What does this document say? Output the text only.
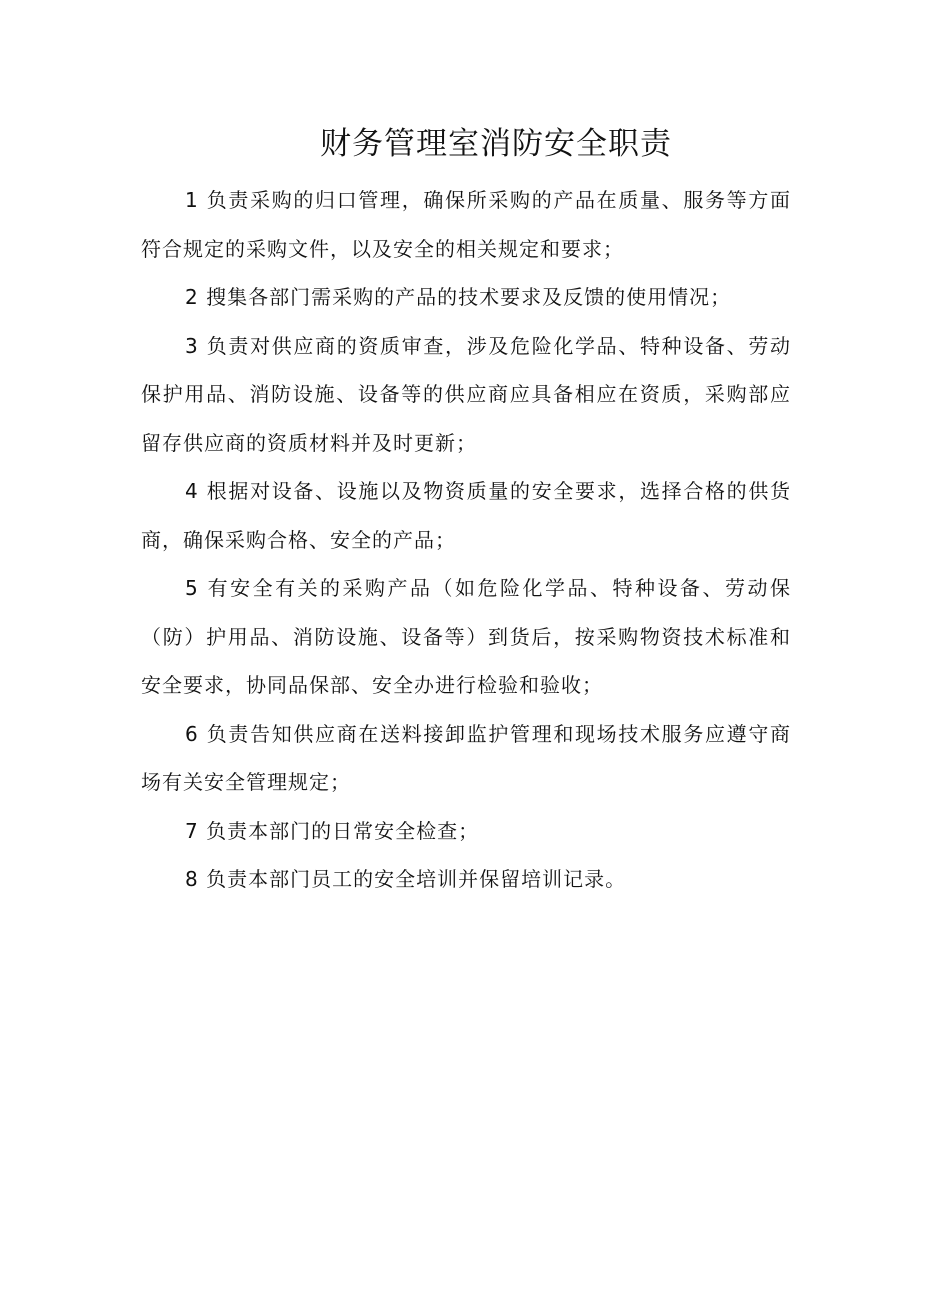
财务管理室消防安全职责

1 负责采购的归口管理，确保所采购的产品在质量、服务等方面符合规定的采购文件，以及安全的相关规定和要求；

2 搜集各部门需采购的产品的技术要求及反馈的使用情况；

3 负责对供应商的资质审查，涉及危险化学品、特种设备、劳动保护用品、消防设施、设备等的供应商应具备相应在资质，采购部应留存供应商的资质材料并及时更新；

4 根据对设备、设施以及物资质量的安全要求，选择合格的供货商，确保采购合格、安全的产品；

5 有安全有关的采购产品（如危险化学品、特种设备、劳动保（防）护用品、消防设施、设备等）到货后，按采购物资技术标准和安全要求，协同品保部、安全办进行检验和验收；

6 负责告知供应商在送料接卸监护管理和现场技术服务应遵守商场有关安全管理规定；

7 负责本部门的日常安全检查；

8 负责本部门员工的安全培训并保留培训记录。
